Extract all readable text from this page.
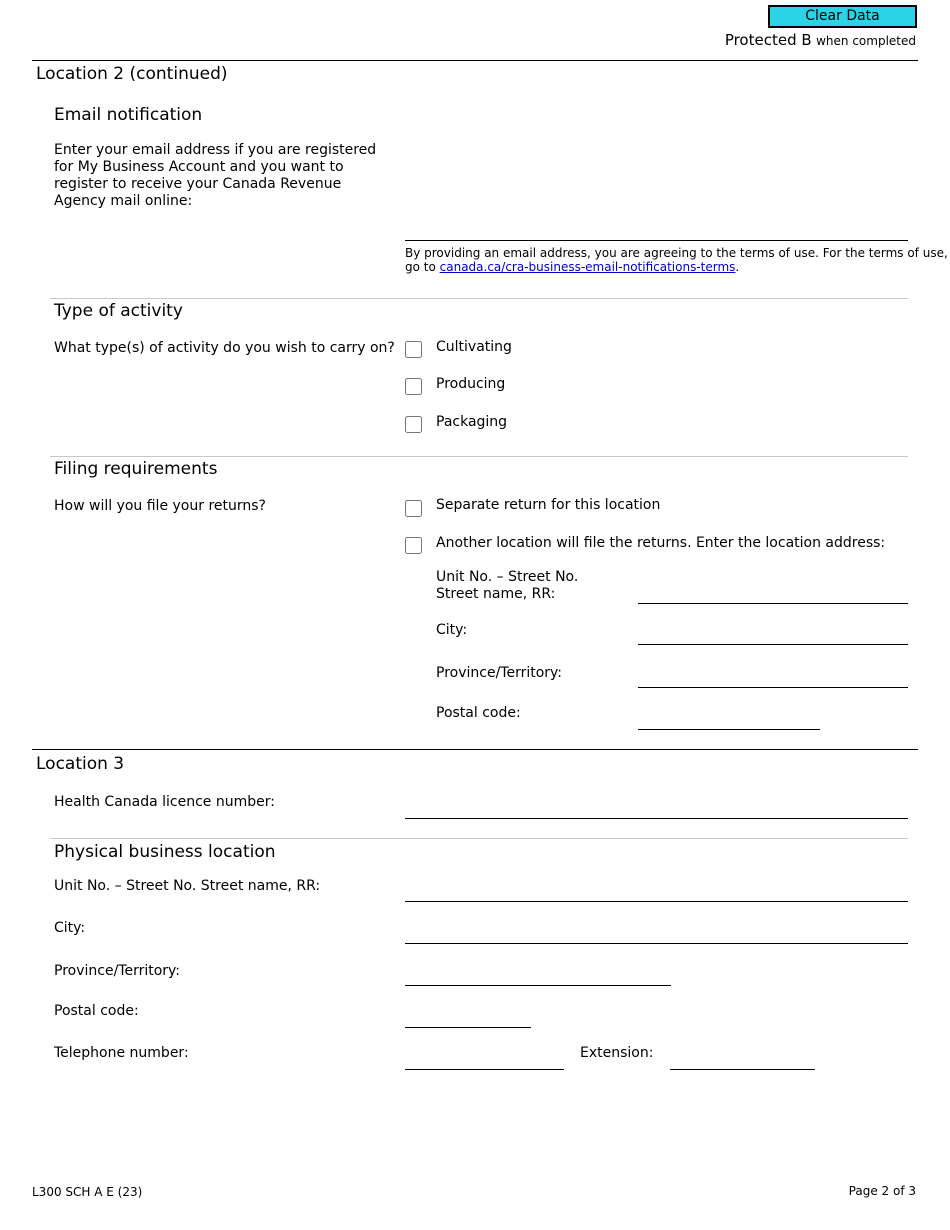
Clear Data
Protected B when completed
Location 2 (continued)
Email notification
Enter your email address if you are registered
for My Business Account and you want to
register to receive your Canada Revenue
Agency mail online:
By providing an email address, you are agreeing to the terms of use. For the terms of use,
go to canada.ca/cra-business-email-notifications-terms.
Type of activity
What type(s) of activity do you wish to carry on?	Cultivating
Producing
Packaging
Filing requirements
How will you file your returns?	Separate return for this location
Another location will file the returns. Enter the location address:
Unit No. – Street No.
Street name, RR:
City:
Province/Territory:
Postal code:
Location 3
Health Canada licence number:
Physical business location
Unit No. – Street No. Street name, RR:
City:
Province/Territory:
Postal code:
Telephone number:	Extension:
L300 SCH A E (23)	Page 2 of 3
